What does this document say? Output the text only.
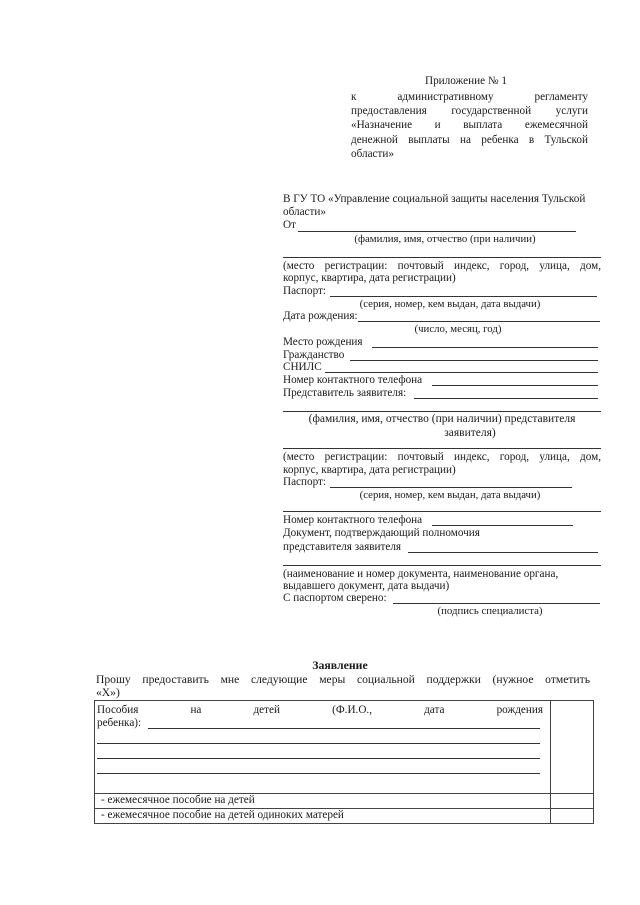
Приложение № 1
к административному регламенту
предоставления государственной услуги
«Назначение и выплата ежемесячной
денежной выплаты на ребенка в Тульской
области»
В ГУ ТО «Управление социальной защиты населения Тульской
области»
От
(фамилия, имя, отчество (при наличии)
(место регистрации: почтовый индекс, город, улица, дом,
корпус, квартира, дата регистрации)
Паспорт:
(серия, номер, кем выдан, дата выдачи)
Дата рождения:
(число, месяц, год)
Место рождения
Гражданство
СНИЛС
Номер контактного телефона
Представитель заявителя:
(фамилия, имя, отчество (при наличии) представителя
заявителя)
(место регистрации: почтовый индекс, город, улица, дом,
корпус, квартира, дата регистрации)
Паспорт:
(серия, номер, кем выдан, дата выдачи)
Номер контактного телефона
Документ, подтверждающий полномочия
представителя заявителя
(наименование и номер документа, наименование органа,
выдавшего документ, дата выдачи)
С паспортом сверено:
(подпись специалиста)
Заявление
Прошу предоставить мне следующие меры социальной поддержки (нужное отметить
«Х»)
Пособия на детей (Ф.И.О., дата рождения
ребенка):	

- ежемесячное пособие на детей	
- ежемесячное пособие на детей одиноких матерей	
